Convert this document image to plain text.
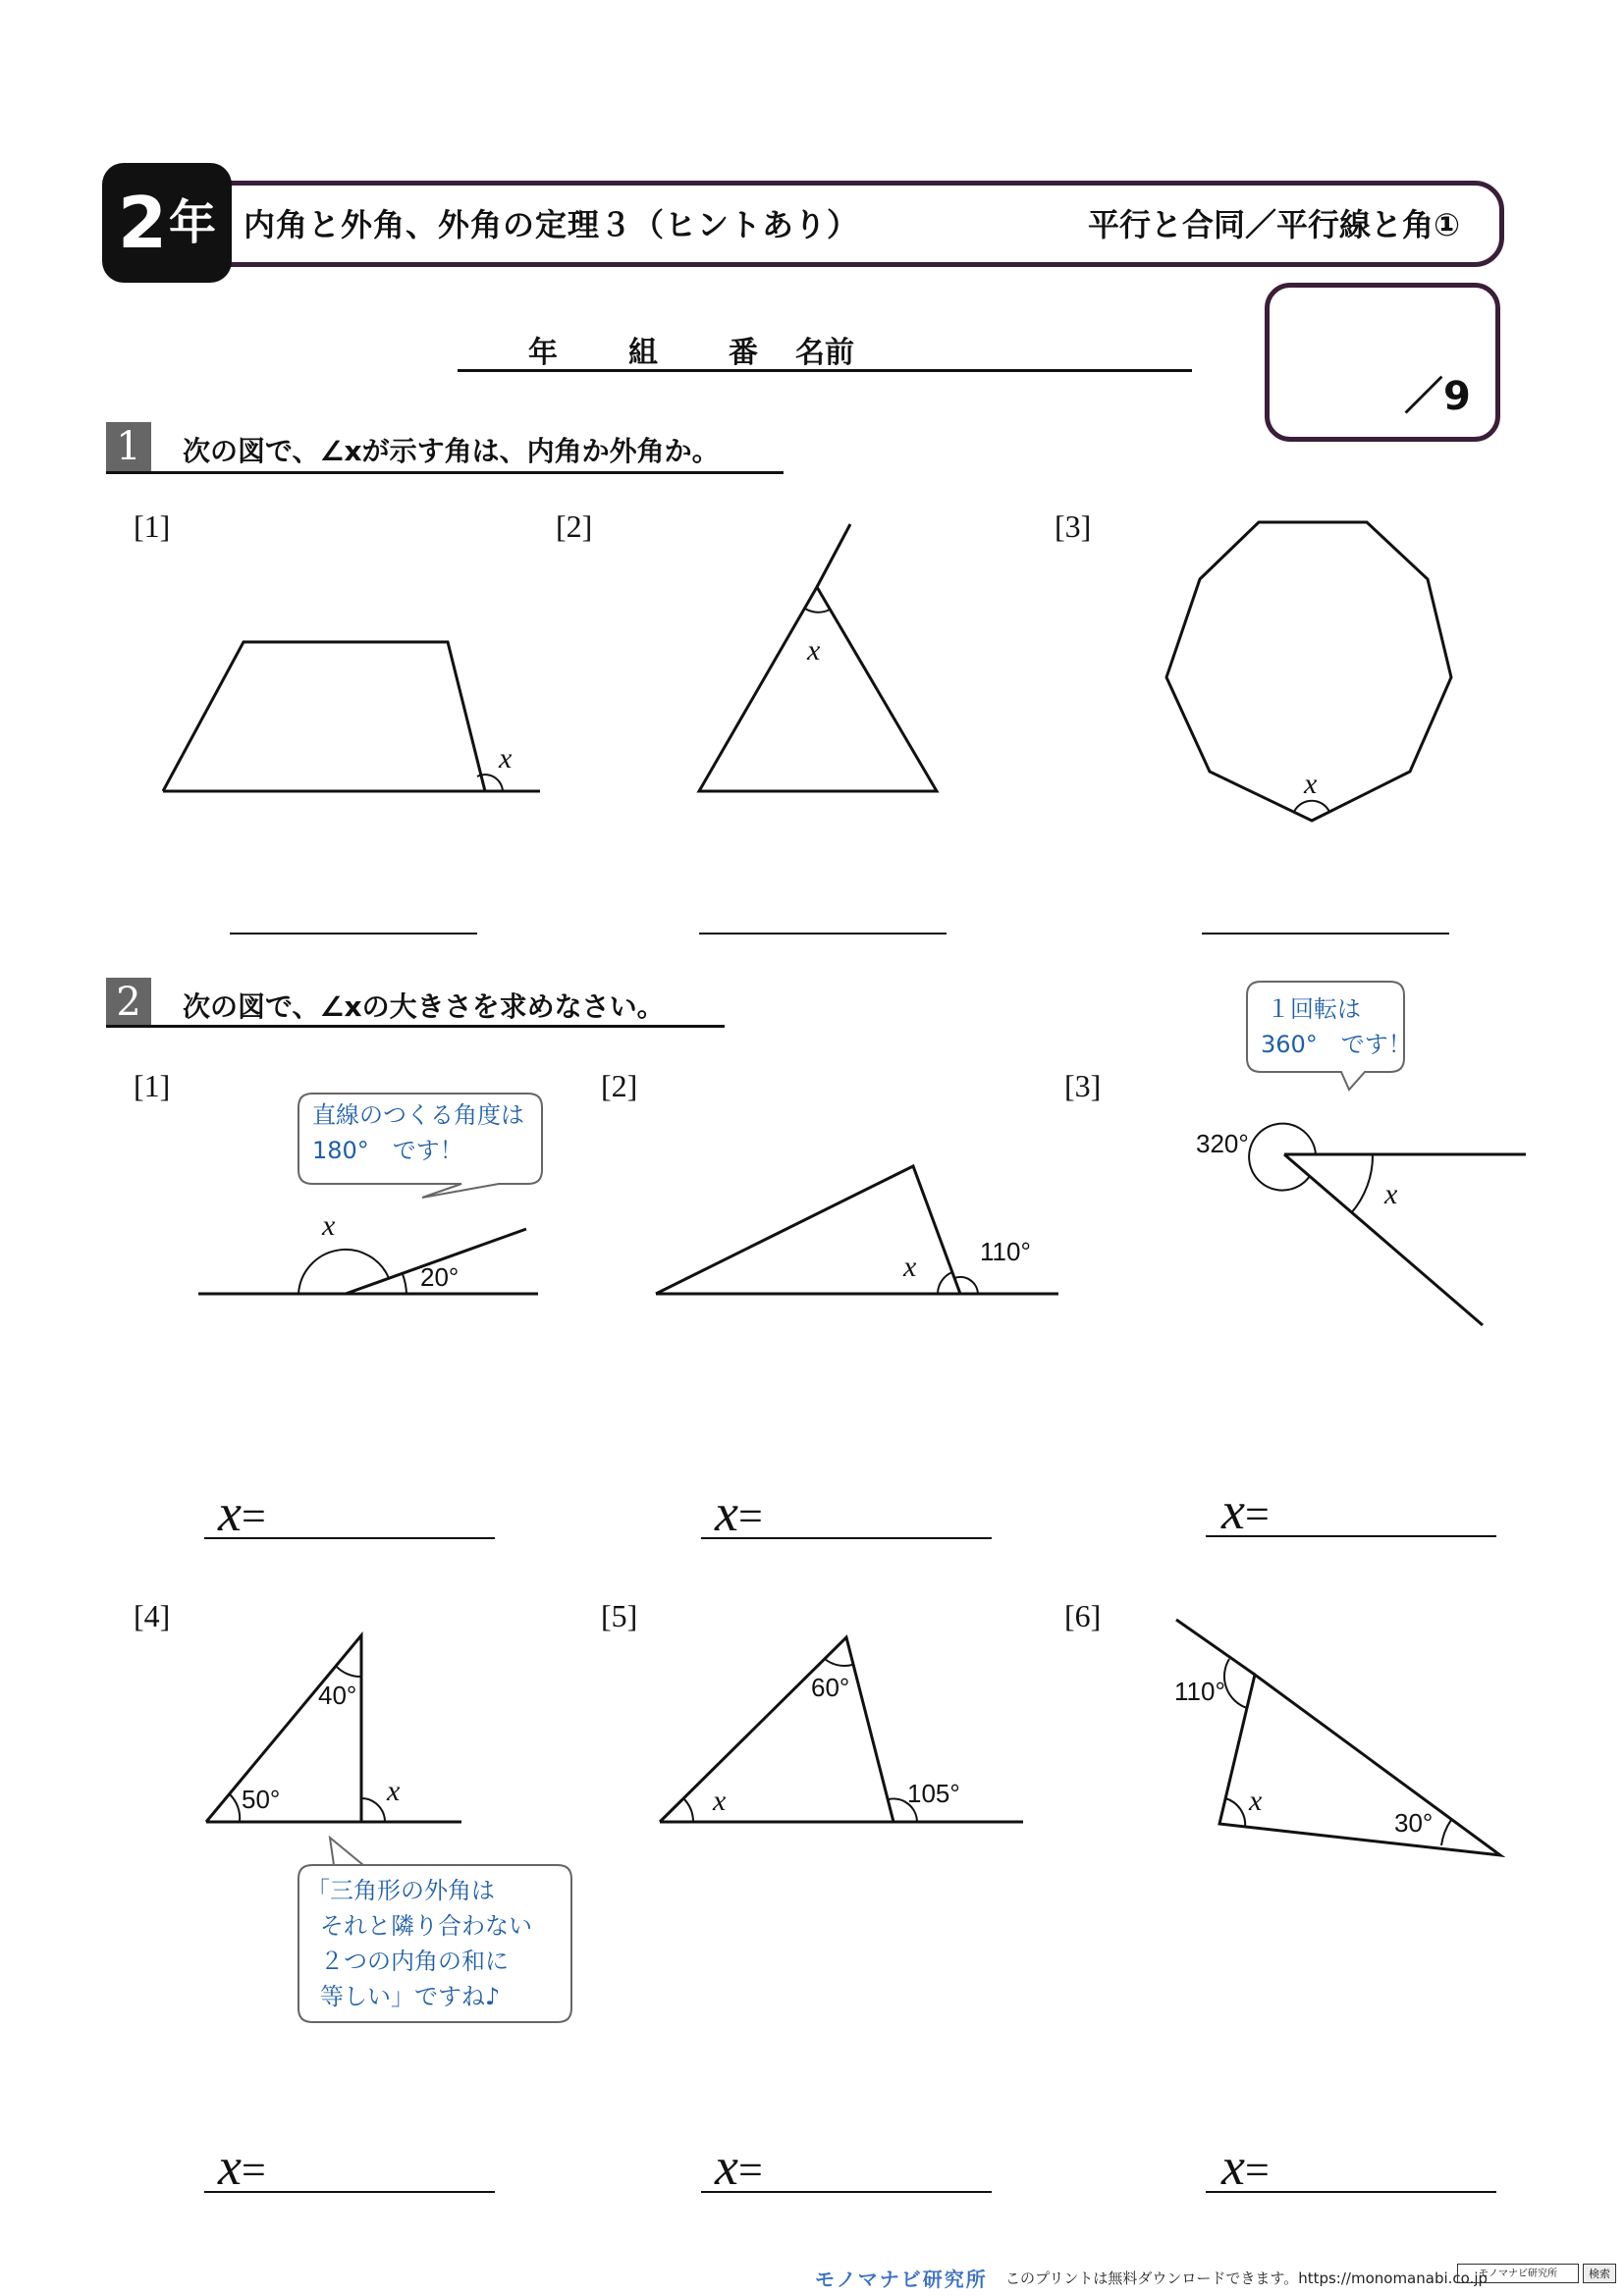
2 年 内角と外角、外角の定理３（ヒントあり）	平行と合同／平行線と角①
年 組 番 名前
／9
1	次の図で、∠xが示す角は、内角か外角か。
[1]	[2]	[3]
x
x
x
2	次の図で、∠xの大きさを求めなさい。
[1]	[2]	[3]
[4]	[5]	[6]
直線のつくる角度は
180°　です！
１回転は
360°　です！
「三角形の外角は
それと隣り合わない
２つの内角の和に
等しい」ですね♪
x
20°	x 110°
320°
x
40°
50°	x
60°
x	105°
110°
x
30°
x=	x=	x=
x=	x=	x=
モノマナビ研究所 このプリントは無料ダウンロードできます。https://monomanabi.co.jp
モノマナビ研究所	検索
